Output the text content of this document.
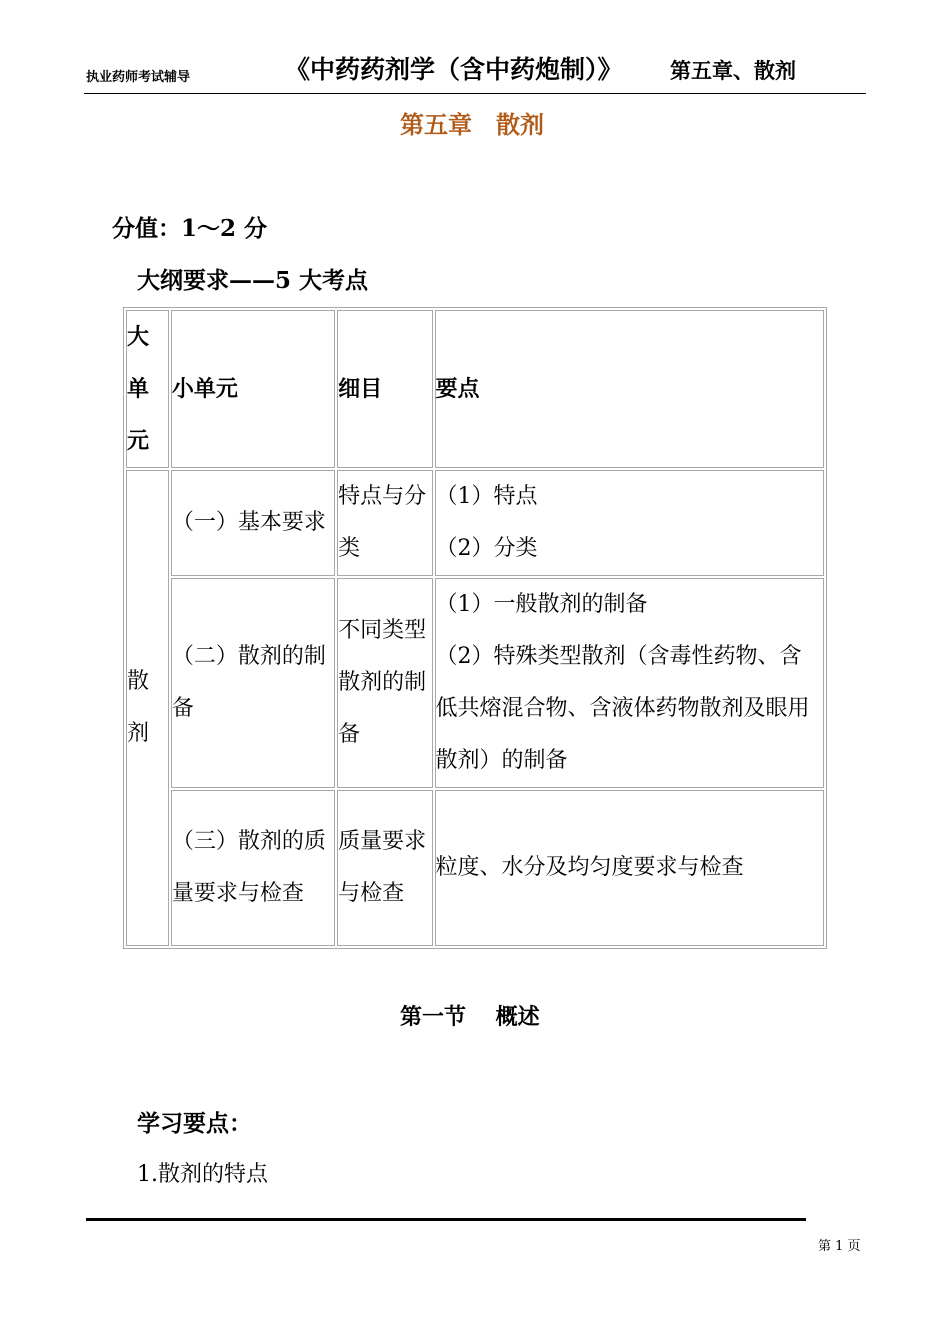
执业药师考试辅导	《中药药剂学（含中药炮制）》 第五章、散剂
第五章　散剂
分值：1～2 分
大纲要求——5 大考点
大单元	小单元	细目	要点
散剂	（一）基本要求	特点与分类	（1）特点
（2）分类

	（二）散剂的制备	不同类型散剂的制备	（1）一般散剂的制备
（2）特殊类型散剂（含毒性药物、含低共熔混合物、含液体药物散剂及眼用散剂）的制备

	（三）散剂的质量要求与检查	质量要求与检查	粒度、水分及均匀度要求与检查
第一节　 概述
学习要点：
1.散剂的特点
第 1 页
